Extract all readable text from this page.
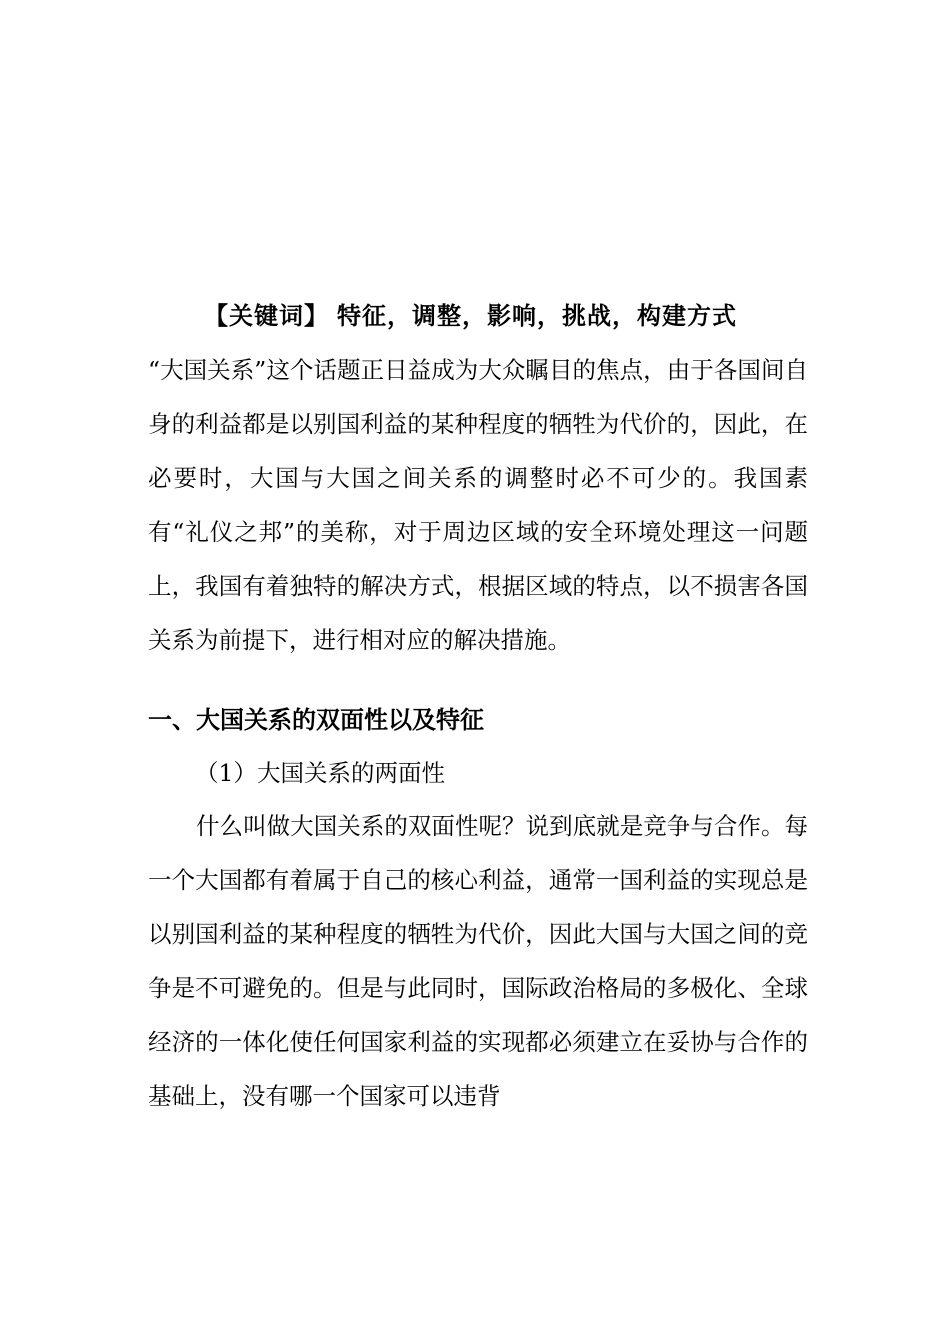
【关键词】 特征，调整，影响，挑战，构建方式
“大国关系”这个话题正日益成为大众瞩目的焦点，由于各国间自身的利益都是以别国利益的某种程度的牺牲为代价的，因此，在必要时，大国与大国之间关系的调整时必不可少的。我国素有“礼仪之邦”的美称，对于周边区域的安全环境处理这一问题上，我国有着独特的解决方式，根据区域的特点，以不损害各国关系为前提下，进行相对应的解决措施。
一、大国关系的双面性以及特征
（1）大国关系的两面性
什么叫做大国关系的双面性呢？说到底就是竞争与合作。每一个大国都有着属于自己的核心利益，通常一国利益的实现总是以别国利益的某种程度的牺牲为代价，因此大国与大国之间的竞争是不可避免的。但是与此同时，国际政治格局的多极化、全球经济的一体化使任何国家利益的实现都必须建立在妥协与合作的基础上，没有哪一个国家可以违背
